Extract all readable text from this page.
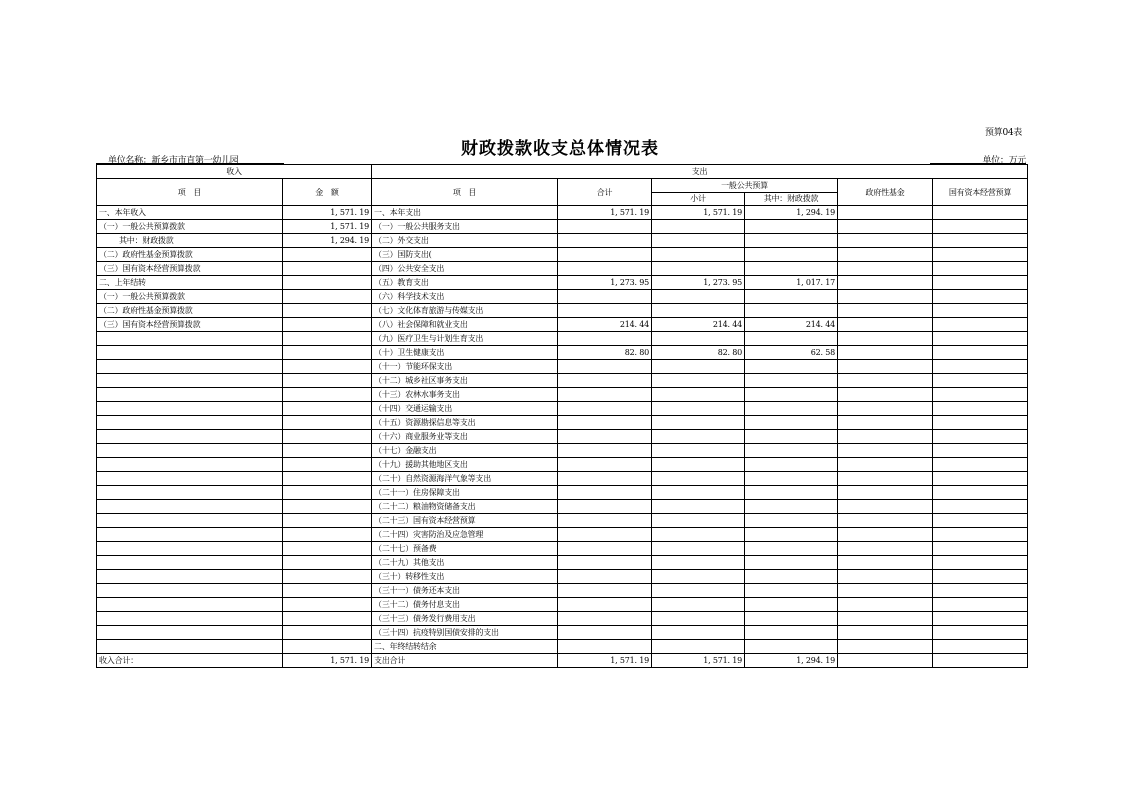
预算04表
财政拨款收支总体情况表
单位名称：新乡市市直第一幼儿园	单位：万元
收入		支出					
项　目	金　额	项　目	合计	一般公共预算		政府性基金	国有资本经营预算
				小计	其中：财政拨款		
一、本年收入	1, 571. 19	一、本年支出	1, 571. 19	1, 571. 19	1, 294. 19		
（一）一般公共预算拨款	1, 571. 19	（一）一般公共服务支出					
其中：财政拨款	1, 294. 19	（二）外交支出					
（二）政府性基金预算拨款		（三）国防支出(					
（三）国有资本经营预算拨款		（四）公共安全支出					
二、上年结转		（五）教育支出	1, 273. 95	1, 273. 95	1, 017. 17		
（一）一般公共预算拨款		（六）科学技术支出					
（二）政府性基金预算拨款		（七）文化体育旅游与传媒支出					
（三）国有资本经营预算拨款		（八）社会保障和就业支出	214. 44	214. 44	214. 44		
		（九）医疗卫生与计划生育支出					
		（十）卫生健康支出	82. 80	82. 80	62. 58		
		（十一）节能环保支出					
		（十二）城乡社区事务支出					
		（十三）农林水事务支出					
		（十四）交通运输支出					
		（十五）资源勘探信息等支出					
		（十六）商业服务业等支出					
		（十七）金融支出					
		（十九）援助其他地区支出					
		（二十）自然资源海洋气象等支出					
		（二十一）住房保障支出					
		（二十二）粮油物资储备支出					
		（二十三）国有资本经营预算					
		（二十四）灾害防治及应急管理					
		（二十七）预备费					
		（二十九）其他支出					
		（三十）转移性支出					
		（三十一）债务还本支出					
		（三十二）债务付息支出					
		（三十三）债务发行费用支出					
		（三十四）抗疫特别国债安排的支出					
		二、年终结转结余					
收入合计：	1, 571. 19	支出合计	1, 571. 19	1, 571. 19	1, 294. 19		
